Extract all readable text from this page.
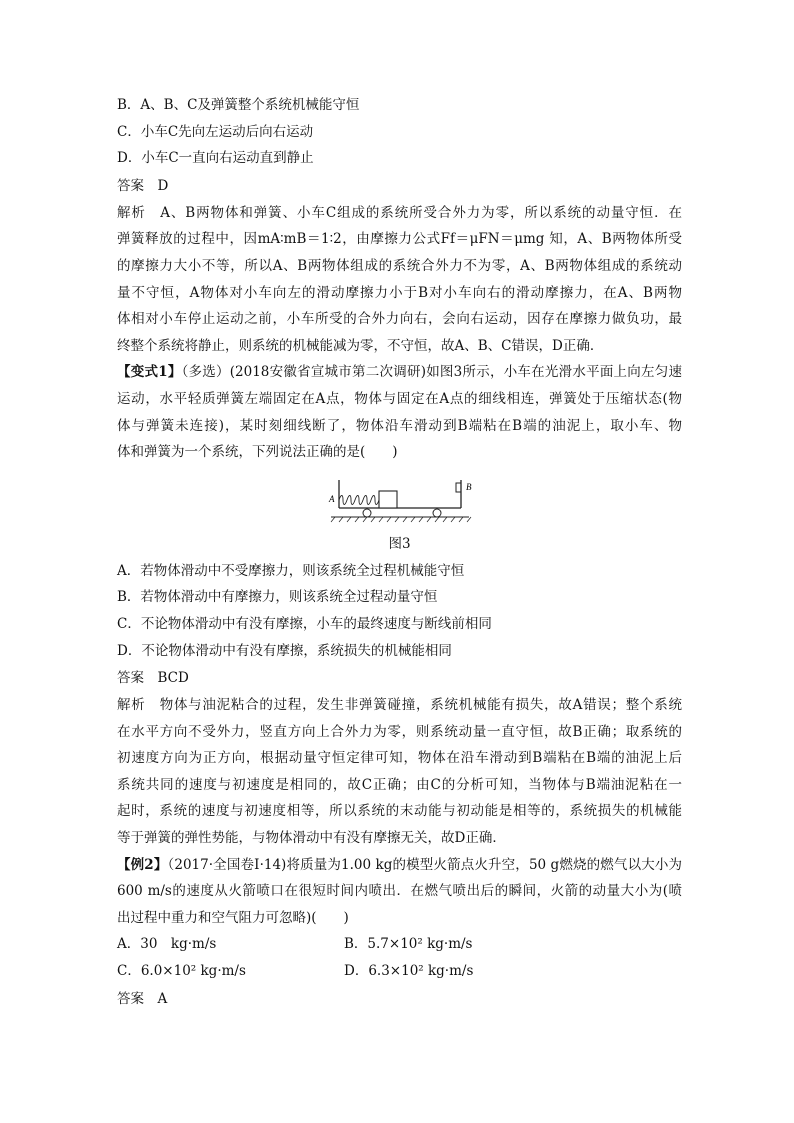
B．A、B、C及弹簧整个系统机械能守恒
C．小车C先向左运动后向右运动
D．小车C一直向右运动直到静止
答案　D

解析　A、B两物体和弹簧、小车C组成的系统所受合外力为零，所以系统的动量守恒．在

弹簧释放的过程中，因mA∶mB＝1∶2，由摩擦力公式Ff＝μFN＝μmg 知，A、B两物体所受

的摩擦力大小不等，所以A、B两物体组成的系统合外力不为零，A、B两物体组成的系统动

量不守恒，A物体对小车向左的滑动摩擦力小于B对小车向右的滑动摩擦力，在A、B两物

体相对小车停止运动之前，小车所受的合外力向右，会向右运动，因存在摩擦力做负功，最

终整个系统将静止，则系统的机械能减为零，不守恒，故A、B、C错误，D正确．

【变式1】（多选）(2018安徽省宣城市第二次调研)如图3所示，小车在光滑水平面上向左匀速

运动，水平轻质弹簧左端固定在A点，物体与固定在A点的细线相连，弹簧处于压缩状态(物

体与弹簧未连接)，某时刻细线断了，物体沿车滑动到B端粘在B端的油泥上，取小车、物

体和弹簧为一个系统，下列说法正确的是(　　)

A
B
图3
A．若物体滑动中不受摩擦力，则该系统全过程机械能守恒
B．若物体滑动中有摩擦力，则该系统全过程动量守恒
C．不论物体滑动中有没有摩擦，小车的最终速度与断线前相同
D．不论物体滑动中有没有摩擦，系统损失的机械能相同
答案　BCD

解析　物体与油泥粘合的过程，发生非弹簧碰撞，系统机械能有损失，故A错误；整个系统

在水平方向不受外力，竖直方向上合外力为零，则系统动量一直守恒，故B正确；取系统的

初速度方向为正方向，根据动量守恒定律可知，物体在沿车滑动到B端粘在B端的油泥上后

系统共同的速度与初速度是相同的，故C正确；由C的分析可知，当物体与B端油泥粘在一

起时，系统的速度与初速度相等，所以系统的末动能与初动能是相等的，系统损失的机械能

等于弹簧的弹性势能，与物体滑动中有没有摩擦无关，故D正确．

【例2】（2017·全国卷Ⅰ·14)将质量为1.00 kg的模型火箭点火升空，50 g燃烧的燃气以大小为

600 m/s的速度从火箭喷口在很短时间内喷出．在燃气喷出后的瞬间，火箭的动量大小为(喷

出过程中重力和空气阻力可忽略)(　　)

A．30　kg·m/s	B．5.7×10² kg·m/s
C．6.0×10² kg·m/s	D．6.3×10² kg·m/s
答案　A
